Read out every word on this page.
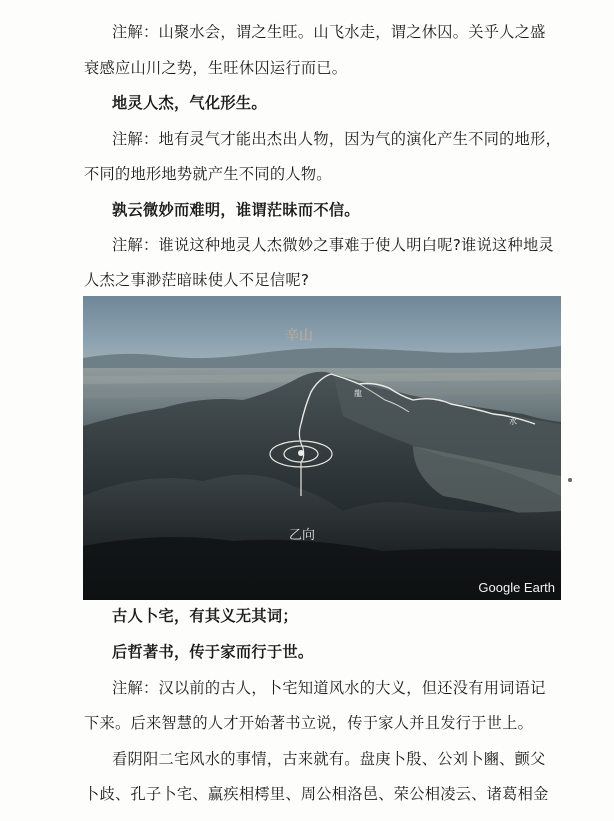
注解：山聚水会，谓之生旺。山飞水走，谓之休囚。关乎人之盛
衰感应山川之势，生旺休囚运行而已。
地灵人杰，气化形生。
注解：地有灵气才能出杰出人物，因为气的演化产生不同的地形，
不同的地形地势就产生不同的人物。
孰云微妙而难明，谁谓茫昧而不信。
注解：谁说这种地灵人杰微妙之事难于使人明白呢?谁说这种地灵
人杰之事渺茫暗昧使人不足信呢?
辛山
乙向
龍
水
Google Earth
古人卜宅，有其义无其词；
后哲著书，传于家而行于世。
注解：汉以前的古人，卜宅知道风水的大义，但还没有用词语记
下来。后来智慧的人才开始著书立说，传于家人并且发行于世上。
看阴阳二宅风水的事情，古来就有。盘庚卜殷、公刘卜豳、颤父
卜歧、孔子卜宅、赢疾相樗里、周公相洛邑、荣公相凌云、诸葛相金
